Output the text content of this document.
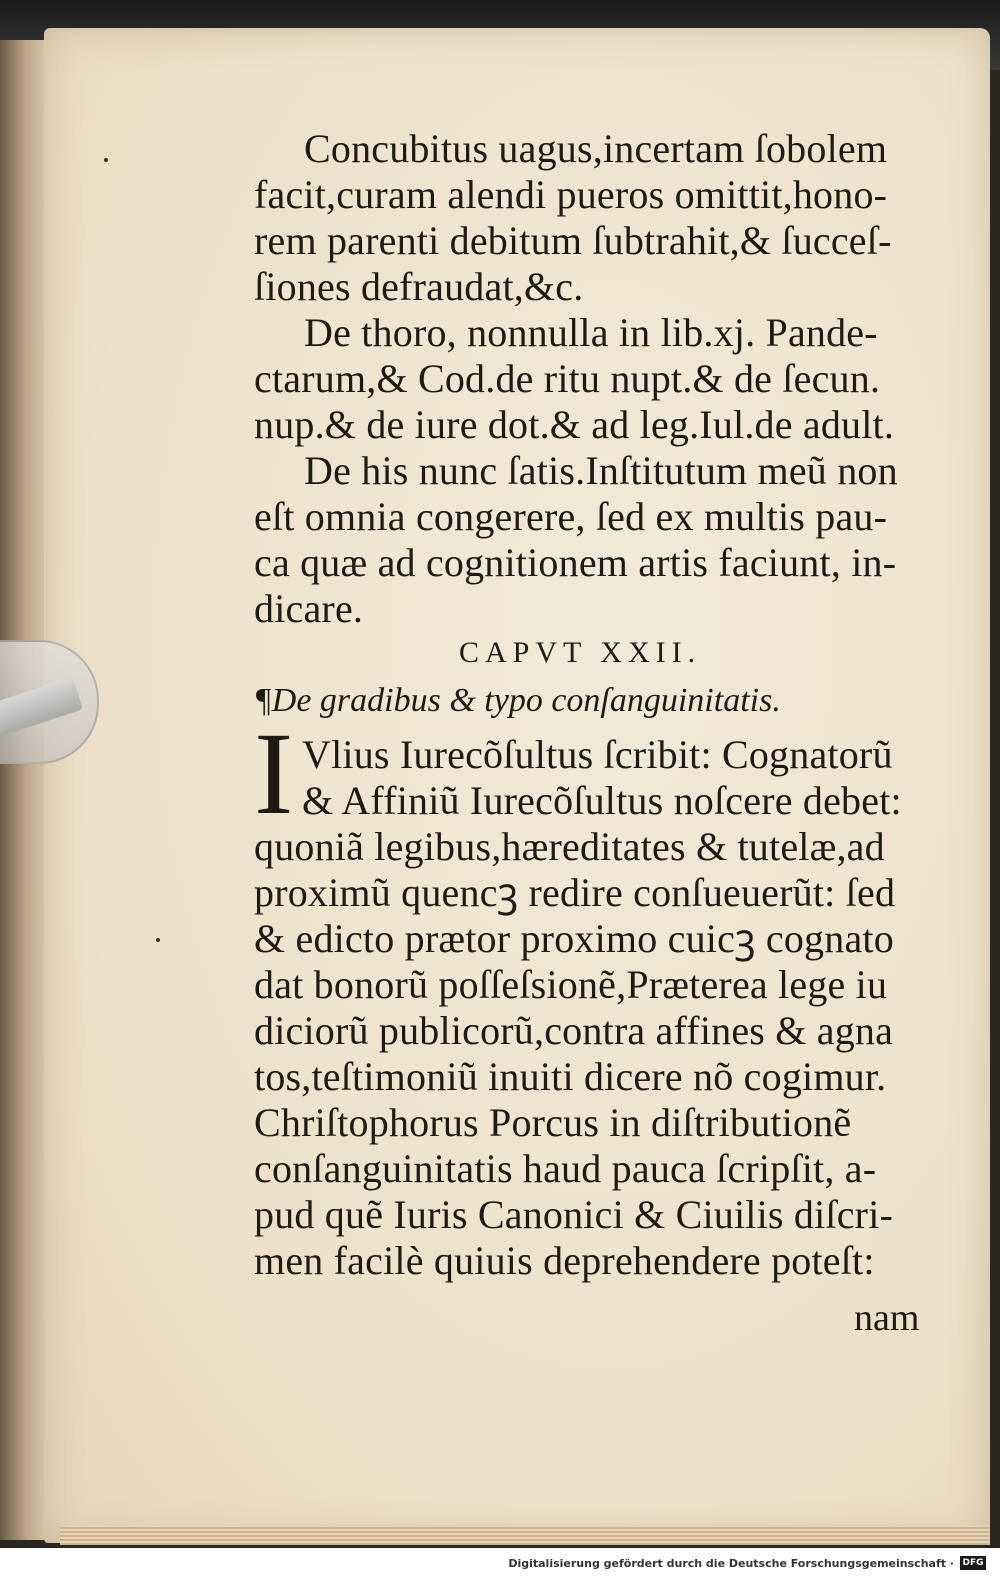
Concubitus uagus,incertam ſobolem
facit,curam alendi pueros omittit,hono-
rem parenti debitum ſubtrahit,& ſucceſ-
ſiones defraudat,&c.
De thoro, nonnulla in lib.xj. Pande-
ctarum,& Cod.de ritu nupt.& de ſecun.
nup.& de iure dot.& ad leg.Iul.de adult.
De his nunc ſatis.Inſtitutum meũ non
eſt omnia congerere, ſed ex multis pau-
ca quæ ad cognitionem artis faciunt, in-
dicare.
CAPVT XXII.
¶De gradibus & typo conſanguinitatis.
I Vlius Iurecõſultus ſcribit: Cognatorũ
& Affiniũ Iurecõſultus noſcere debet:
quoniã legibus,hæreditates & tutelæ,ad
proximũ quencꝫ redire conſueuerũt: ſed
& edicto prætor proximo cuicꝫ cognato
dat bonorũ poſſeſsionẽ,Præterea lege iu
diciorũ publicorũ,contra affines & agna
tos,teſtimoniũ inuiti dicere nõ cogimur.
Chriſtophorus Porcus in diſtributionẽ
conſanguinitatis haud pauca ſcripſit, a-
pud quẽ Iuris Canonici & Ciuilis diſcri-
men facilè quiuis deprehendere poteſt:
nam
Digitalisierung gefördert durch die Deutsche Forschungsgemeinschaft · DFG
